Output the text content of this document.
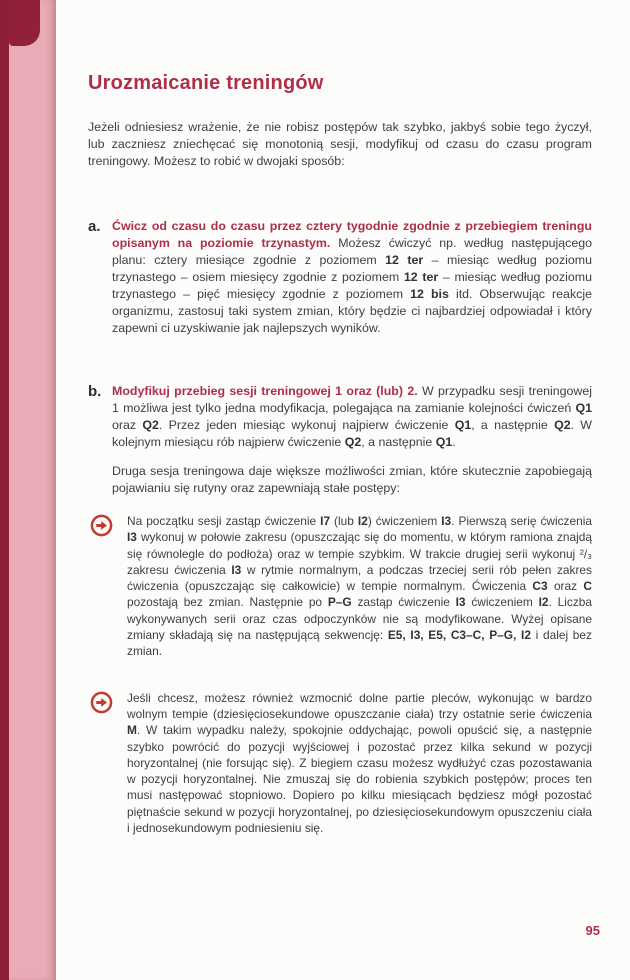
Urozmaicanie treningów

Jeżeli odniesiesz wrażenie, że nie robisz postępów tak szybko, jakbyś sobie tego życzył, lub zaczniesz zniechęcać się monotonią sesji, modyfikuj od czasu do czasu program treningowy. Możesz to robić w dwojaki sposób:

a. Ćwicz od czasu do czasu przez cztery tygodnie zgodnie z przebiegiem treningu opisanym na poziomie trzynastym. Możesz ćwiczyć np. według następującego planu: cztery miesiące zgodnie z poziomem 12 ter – miesiąc według poziomu trzynastego – osiem miesięcy zgodnie z poziomem 12 ter – miesiąc według poziomu trzynastego – pięć miesięcy zgodnie z poziomem 12 bis itd. Obserwując reakcje organizmu, zastosuj taki system zmian, który będzie ci najbardziej odpowiadał i który zapewni ci uzyskiwanie jak najlepszych wyników.

b. Modyfikuj przebieg sesji treningowej 1 oraz (lub) 2. W przypadku sesji treningowej 1 możliwa jest tylko jedna modyfikacja, polegająca na zamianie kolejności ćwiczeń Q1 oraz Q2. Przez jeden miesiąc wykonuj najpierw ćwiczenie Q1, a następnie Q2. W kolejnym miesiącu rób najpierw ćwiczenie Q2, a następnie Q1.

Druga sesja treningowa daje większe możliwości zmian, które skutecznie zapobiegają pojawianiu się rutyny oraz zapewniają stałe postępy:

Na początku sesji zastąp ćwiczenie I7 (lub I2) ćwiczeniem I3. Pierwszą serię ćwiczenia I3 wykonuj w połowie zakresu (opuszczając się do momentu, w którym ramiona znajdą się równolegle do podłoża) oraz w tempie szybkim. W trakcie drugiej serii wykonuj ²/₃ zakresu ćwiczenia I3 w rytmie normalnym, a podczas trzeciej serii rób pełen zakres ćwiczenia (opuszczając się całkowicie) w tempie normalnym. Ćwiczenia C3 oraz C pozostają bez zmian. Następnie po P–G zastąp ćwiczenie I3 ćwiczeniem I2. Liczba wykonywanych serii oraz czas odpoczynków nie są modyfikowane. Wyżej opisane zmiany składają się na następującą sekwencję: E5, I3, E5, C3–C, P–G, I2 i dalej bez zmian.

Jeśli chcesz, możesz również wzmocnić dolne partie pleców, wykonując w bardzo wolnym tempie (dziesięciosekundowe opuszczanie ciała) trzy ostatnie serie ćwiczenia M. W takim wypadku należy, spokojnie oddychając, powoli opuścić się, a następnie szybko powrócić do pozycji wyjściowej i pozostać przez kilka sekund w pozycji horyzontalnej (nie forsując się). Z biegiem czasu możesz wydłużyć czas pozostawania w pozycji horyzontalnej. Nie zmuszaj się do robienia szybkich postępów; proces ten musi następować stopniowo. Dopiero po kilku miesiącach będziesz mógł pozostać piętnaście sekund w pozycji horyzontalnej, po dziesięciosekundowym opuszczeniu ciała i jednosekundowym podniesieniu się.

95
